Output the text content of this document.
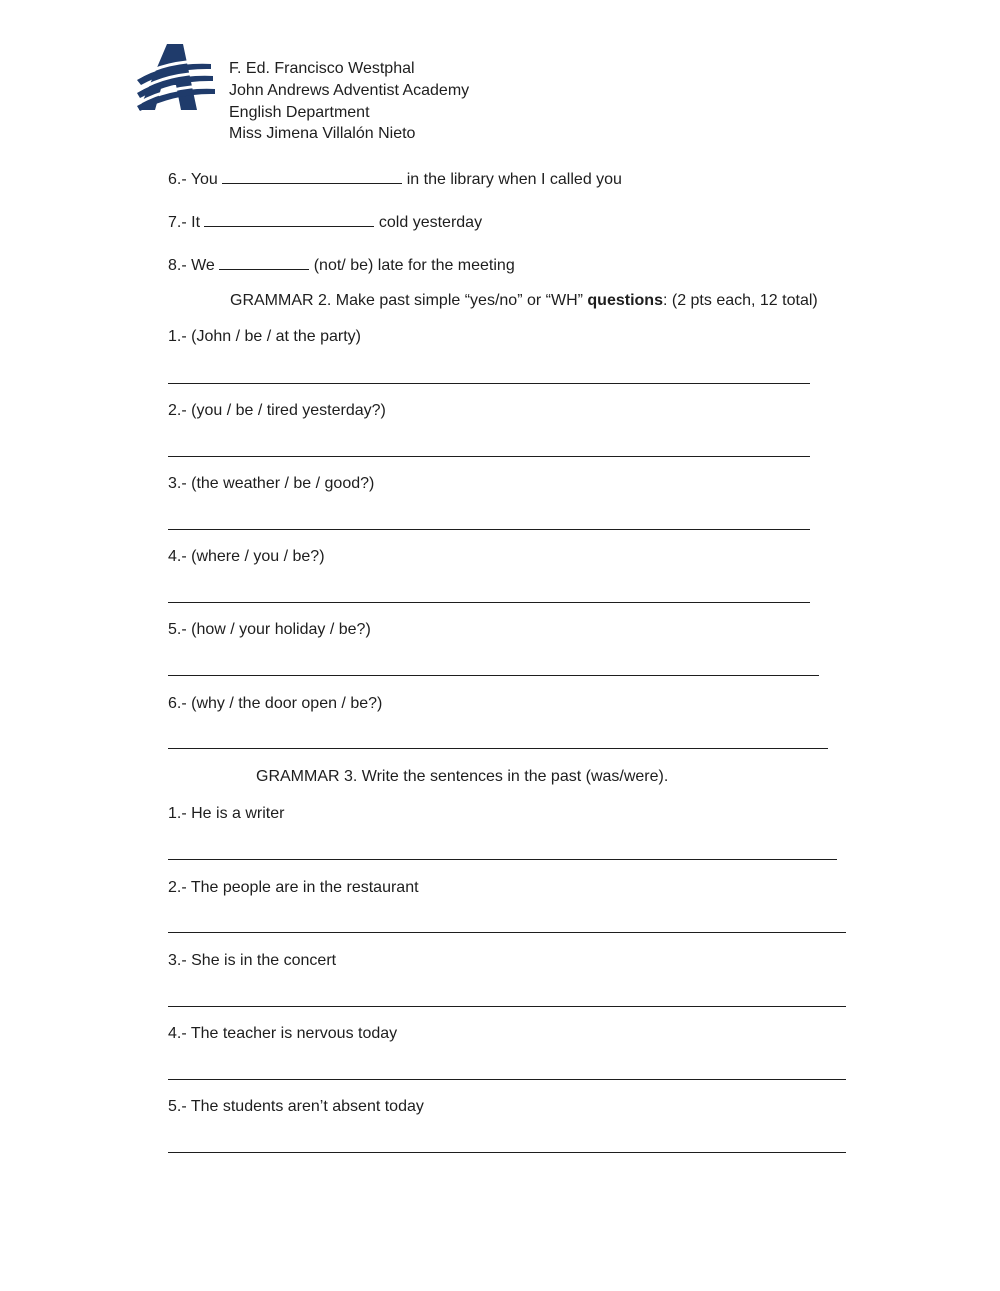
F. Ed. Francisco Westphal
John Andrews Adventist Academy
English Department
Miss Jimena Villalón Nieto
6.- You	in the library when I called you
7.- It	cold yesterday
8.- We	(not/ be) late for the meeting
GRAMMAR 2. Make past simple “yes/no” or “WH” questions: (2 pts each, 12 total)
1.- (John / be / at the party)
2.- (you / be / tired yesterday?)
3.- (the weather / be / good?)
4.- (where / you / be?)
5.- (how / your holiday / be?)
6.- (why / the door open / be?)
GRAMMAR 3. Write the sentences in the past (was/were).
1.- He is a writer
2.- The people are in the restaurant
3.- She is in the concert
4.- The teacher is nervous today
5.- The students aren’t absent today
